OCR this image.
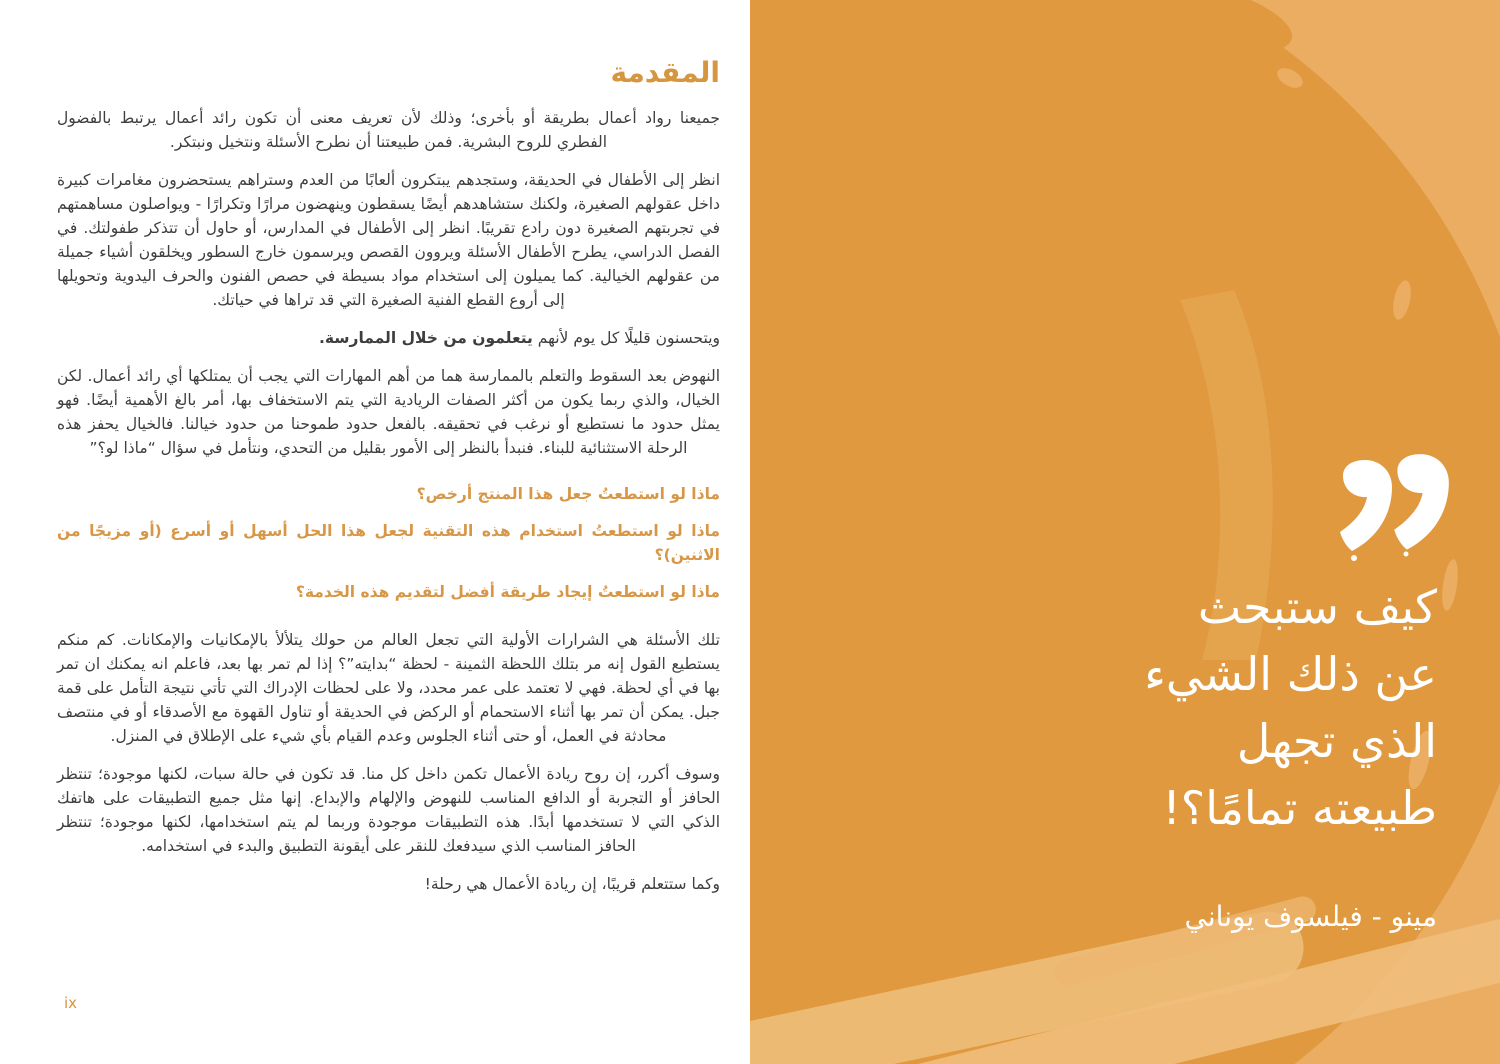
المقدمة

جميعنا رواد أعمال بطريقة أو بأخرى؛ وذلك لأن تعريف معنى أن تكون رائد أعمال يرتبط بالفضول الفطري للروح البشرية. فمن طبيعتنا أن نطرح الأسئلة ونتخيل ونبتكر.

انظر إلى الأطفال في الحديقة، وستجدهم يبتكرون ألعابًا من العدم وستراهم يستحضرون مغامرات كبيرة داخل عقولهم الصغيرة، ولكنك ستشاهدهم أيضًا يسقطون وينهضون مرارًا وتكرارًا - ويواصلون مساهمتهم في تجربتهم الصغيرة دون رادع تقريبًا. انظر إلى الأطفال في المدارس، أو حاول أن تتذكر طفولتك. في الفصل الدراسي، يطرح الأطفال الأسئلة ويروون القصص ويرسمون خارج السطور ويخلقون أشياء جميلة من عقولهم الخيالية. كما يميلون إلى استخدام مواد بسيطة في حصص الفنون والحرف اليدوية وتحويلها إلى أروع القطع الفنية الصغيرة التي قد تراها في حياتك.

ويتحسنون قليلًا كل يوم لأنهم يتعلمون من خلال الممارسة.

النهوض بعد السقوط والتعلم بالممارسة هما من أهم المهارات التي يجب أن يمتلكها أي رائد أعمال. لكن الخيال، والذي ربما يكون من أكثر الصفات الريادية التي يتم الاستخفاف بها، أمر بالغ الأهمية أيضًا. فهو يمثل حدود ما نستطيع أو نرغب في تحقيقه. بالفعل حدود طموحنا من حدود خيالنا. فالخيال يحفز هذه الرحلة الاستثنائية للبناء. فنبدأ بالنظر إلى الأمور بقليل من التحدي، ونتأمل في سؤال “ماذا لو؟”

ماذا لو استطعتُ جعل هذا المنتج أرخص؟

ماذا لو استطعتُ استخدام هذه التقنية لجعل هذا الحل أسهل أو أسرع (أو مزيجًا من الاثنين)؟

ماذا لو استطعتُ إيجاد طريقة أفضل لتقديم هذه الخدمة؟

تلك الأسئلة هي الشرارات الأولية التي تجعل العالم من حولك يتلألأ بالإمكانيات والإمكانات. كم منكم يستطيع القول إنه مر بتلك اللحظة الثمينة - لحظة “بدايته”؟ إذا لم تمر بها بعد، فاعلم انه يمكنك ان تمر بها في أي لحظة. فهي لا تعتمد على عمر محدد، ولا على لحظات الإدراك التي تأتي نتيجة التأمل على قمة جبل. يمكن أن تمر بها أثناء الاستحمام أو الركض في الحديقة أو تناول القهوة مع الأصدقاء أو في منتصف محادثة في العمل، أو حتى أثناء الجلوس وعدم القيام بأي شيء على الإطلاق في المنزل.

وسوف أكرر، إن روح ريادة الأعمال تكمن داخل كل منا. قد تكون في حالة سبات، لكنها موجودة؛ تنتظر الحافز أو التجربة أو الدافع المناسب للنهوض والإلهام والإبداع. إنها مثل جميع التطبيقات على هاتفك الذكي التي لا تستخدمها أبدًا. هذه التطبيقات موجودة وربما لم يتم استخدامها، لكنها موجودة؛ تنتظر الحافز المناسب الذي سيدفعك للنقر على أيقونة التطبيق والبدء في استخدامه.

وكما ستتعلم قريبًا، إن ريادة الأعمال هي رحلة!

ix
كيف ستبحث
عن ذلك الشيء
الذي تجهل
طبيعته تمامًا؟!
مينو - فيلسوف يوناني
